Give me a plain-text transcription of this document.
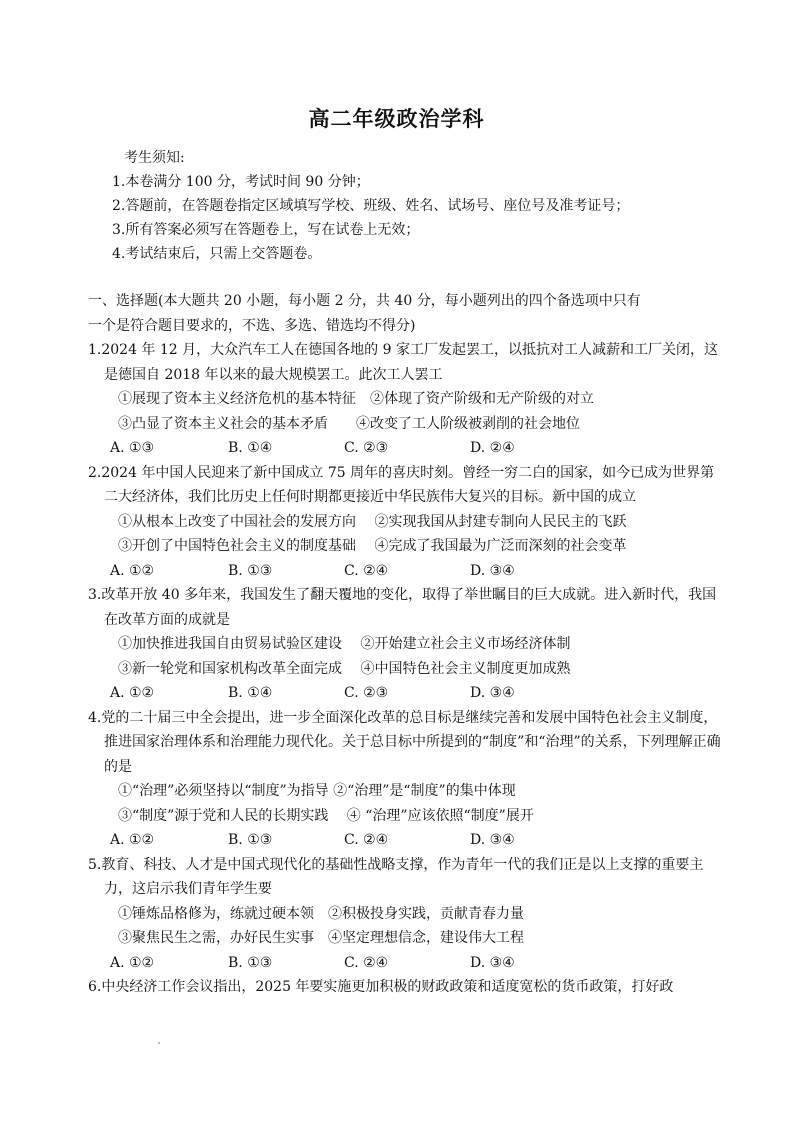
高二年级政治学科
考生须知:
1.本卷满分 100 分，考试时间 90 分钟；
2.答题前，在答题卷指定区域填写学校、班级、姓名、试场号、座位号及准考证号；
3.所有答案必须写在答题卷上，写在试卷上无效；
4.考试结束后，只需上交答题卷。
一、选择题(本大题共 20 小题，每小题 2 分，共 40 分，每小题列出的四个备选项中只有
一个是符合题目要求的，不选、多选、错选均不得分)
1.2024 年 12 月，大众汽车工人在德国各地的 9 家工厂发起罢工，以抵抗对工人减薪和工厂关闭，这是德国自 2018 年以来的最大规模罢工。此次工人罢工
①展现了资本主义经济危机的基本特征　②体现了资产阶级和无产阶级的对立
③凸显了资本主义社会的基本矛盾　　④改变了工人阶级被剥削的社会地位
A. ①③	B. ①④	C. ②③	D. ②④
2.2024 年中国人民迎来了新中国成立 75 周年的喜庆时刻。曾经一穷二白的国家，如今已成为世界第二大经济体，我们比历史上任何时期都更接近中华民族伟大复兴的目标。新中国的成立
①从根本上改变了中国社会的发展方向　 ②实现我国从封建专制向人民民主的飞跃
③开创了中国特色社会主义的制度基础　 ④完成了我国最为广泛而深刻的社会变革
A. ①②	B. ①③	C. ②④	D. ③④
3.改革开放 40 多年来，我国发生了翻天覆地的变化，取得了举世瞩目的巨大成就。进入新时代，我国在改革方面的成就是
①加快推进我国自由贸易试验区建设　 ②开始建立社会主义市场经济体制
③新一轮党和国家机构改革全面完成　 ④中国特色社会主义制度更加成熟
A. ①②	B. ①④	C. ②③	D. ③④
4.党的二十届三中全会提出，进一步全面深化改革的总目标是继续完善和发展中国特色社会主义制度，推进国家治理体系和治理能力现代化。关于总目标中所提到的“制度”和“治理”的关系，下列理解正确的是
①“治理”必须坚持以“制度”为指导 ②“治理”是“制度”的集中体现
③“制度”源于党和人民的长期实践　 ④ “治理”应该依照“制度”展开
A. ①②	B. ①③	C. ②④	D. ③④
5.教育、科技、人才是中国式现代化的基础性战略支撑，作为青年一代的我们正是以上支撑的重要主力，这启示我们青年学生要
①锤炼品格修为，练就过硬本领　②积极投身实践，贡献青春力量
③聚焦民生之需，办好民生实事　④坚定理想信念，建设伟大工程
A. ①②	B. ①③	C. ②④	D. ③④
6.中央经济工作会议指出，2025 年要实施更加积极的财政政策和适度宽松的货币政策，打好政
